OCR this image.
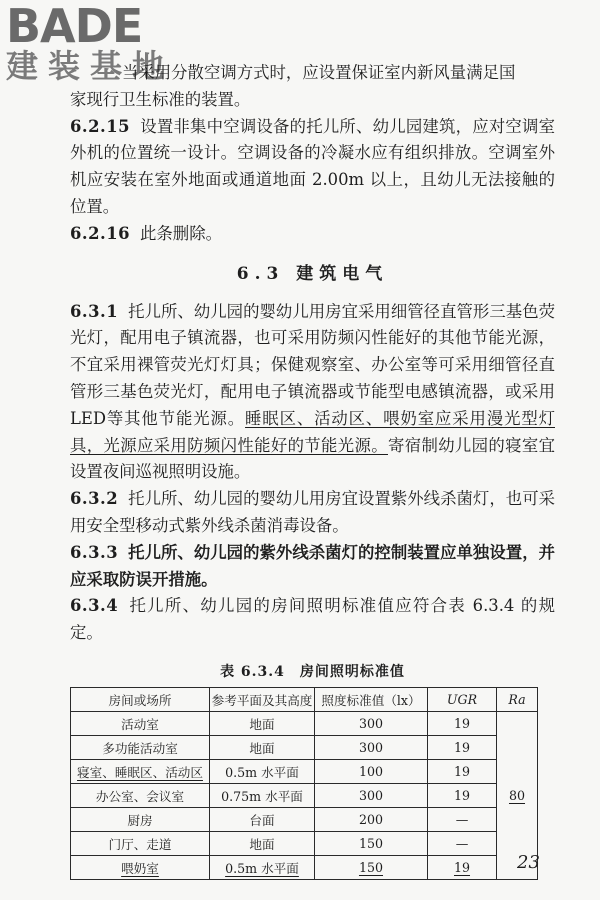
BADE
建装基地

当采用分散空调方式时，应设置保证室内新风量满足国
家现行卫生标准的装置。

6.2.15 设置非集中空调设备的托儿所、幼儿园建筑，应对空调室外机的位置统一设计。空调设备的冷凝水应有组织排放。空调室外机应安装在室外地面或通道地面 2.00m 以上，且幼儿无法接触的位置。

6.2.16 此条删除。

6.3 建筑电气

6.3.1 托儿所、幼儿园的婴幼儿用房宜采用细管径直管形三基色荧光灯，配用电子镇流器，也可采用防频闪性能好的其他节能光源，不宜采用裸管荧光灯灯具；保健观察室、办公室等可采用细管径直管形三基色荧光灯，配用电子镇流器或节能型电感镇流器，或采用LED等其他节能光源。睡眠区、活动区、喂奶室应采用漫光型灯具，光源应采用防频闪性能好的节能光源。寄宿制幼儿园的寝室宜设置夜间巡视照明设施。

6.3.2 托儿所、幼儿园的婴幼儿用房宜设置紫外线杀菌灯，也可采用安全型移动式紫外线杀菌消毒设备。

6.3.3 托儿所、幼儿园的紫外线杀菌灯的控制装置应单独设置，并应采取防误开措施。

6.3.4 托儿所、幼儿园的房间照明标准值应符合表 6.3.4 的规定。

表 6.3.4　房间照明标准值
房间或场所	参考平面及其高度	照度标准值（lx）	UGR	Ra
活动室	地面	300	19	80
多功能活动室	地面	300	19	
寝室、睡眠区、活动区	0.5m 水平面	100	19	
办公室、会议室	0.75m 水平面	300	19	
厨房	台面	200	—	
门厅、走道	地面	150	—	
喂奶室	0.5m 水平面	150	19		23
